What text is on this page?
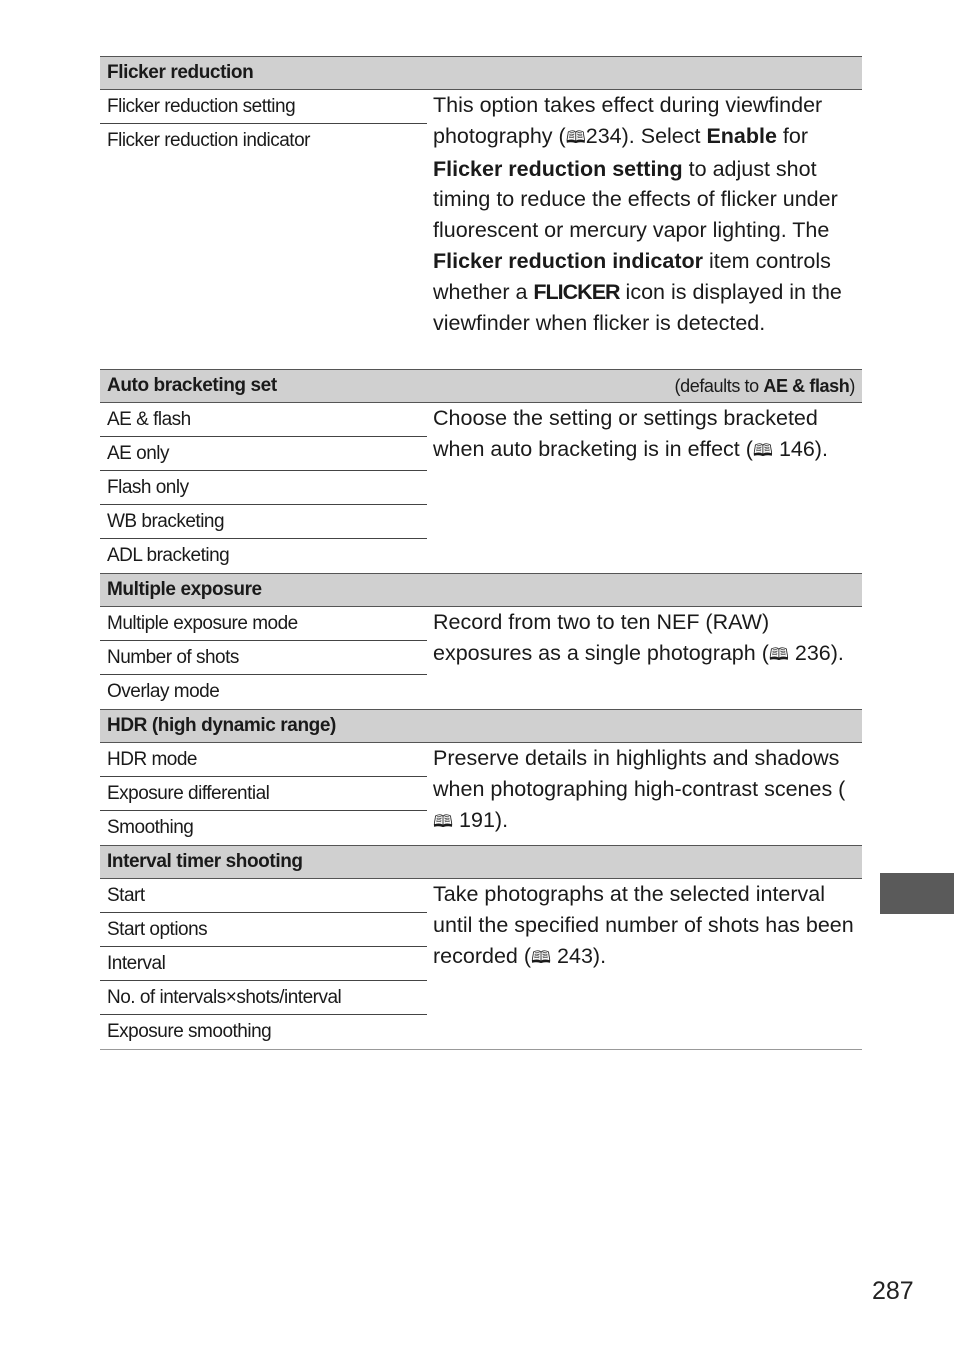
Flicker reduction
Flicker reduction setting
Flicker reduction indicator
This option takes effect during viewfinder photography (🕮234). Select Enable for Flicker reduction setting to adjust shot timing to reduce the effects of flicker under fluorescent or mercury vapor lighting. The Flicker reduction indicator item controls whether a FLICKER icon is displayed in the viewfinder when flicker is detected.
Auto bracketing set	(defaults to AE & flash)
AE & flash
AE only
Flash only
WB bracketing
ADL bracketing
Choose the setting or settings bracketed when auto bracketing is in effect (🕮 146).
Multiple exposure
Multiple exposure mode
Number of shots
Overlay mode
Record from two to ten NEF (RAW) exposures as a single photograph (🕮 236).
HDR (high dynamic range)
HDR mode
Exposure differential
Smoothing
Preserve details in highlights and shadows when photographing high-contrast scenes (🕮 191).
Interval timer shooting
Start
Start options
Interval
No. of intervals×shots/interval
Exposure smoothing
Take photographs at the selected interval until the specified number of shots has been recorded (🕮 243).
287
